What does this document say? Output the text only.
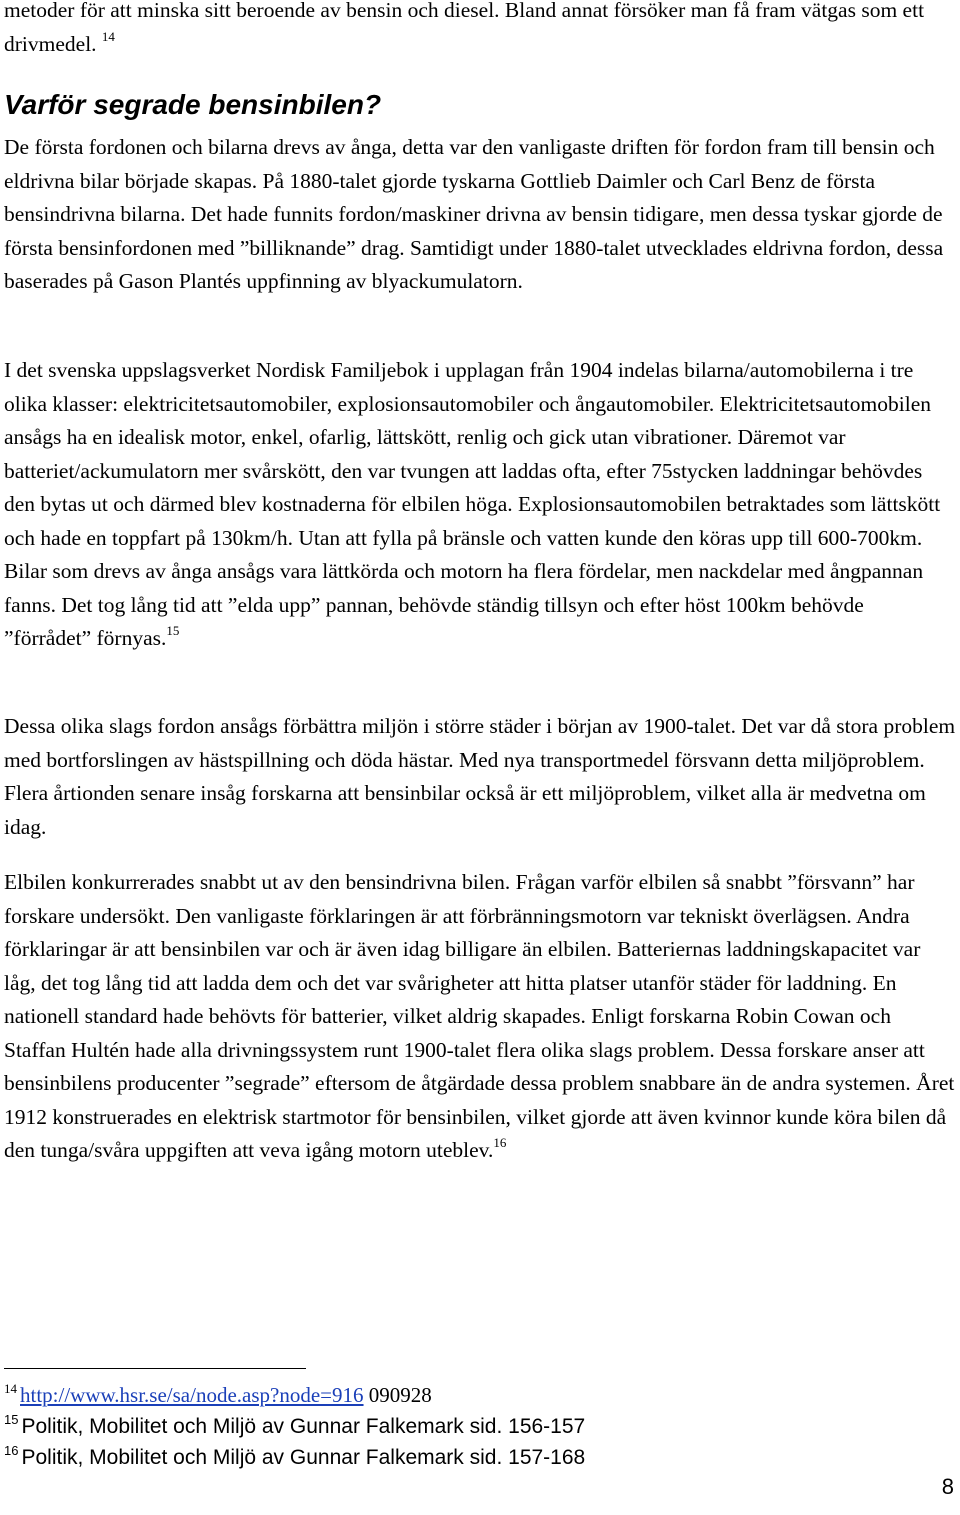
metoder för att minska sitt beroende av bensin och diesel. Bland annat försöker man få fram vätgas som ett drivmedel. $^{14}$

Varför segrade bensinbilen?

De första fordonen och bilarna drevs av ånga, detta var den vanligaste driften för fordon fram till bensin och eldrivna bilar började skapas. På 1880-talet gjorde tyskarna Gottlieb Daimler och Carl Benz de första bensindrivna bilarna. Det hade funnits fordon/maskiner drivna av bensin tidigare, men dessa tyskar gjorde de första bensinfordonen med ”billiknande” drag. Samtidigt under 1880-talet utvecklades eldrivna fordon, dessa baserades på Gason Plantés uppfinning av blyackumulatorn.

I det svenska uppslagsverket Nordisk Familjebok i upplagan från 1904 indelas bilarna/automobilerna i tre olika klasser: elektricitetsautomobiler, explosionsautomobiler och ångautomobiler. Elektricitetsautomobilen ansågs ha en idealisk motor, enkel, ofarlig, lättskött, renlig och gick utan vibrationer. Däremot var batteriet/ackumulatorn mer svårskött, den var tvungen att laddas ofta, efter 75stycken laddningar behövdes den bytas ut och därmed blev kostnaderna för elbilen höga. Explosionsautomobilen betraktades som lättskött och hade en toppfart på 130km/h. Utan att fylla på bränsle och vatten kunde den köras upp till 600-700km. Bilar som drevs av ånga ansågs vara lättkörda och motorn ha flera fördelar, men nackdelar med ångpannan fanns. Det tog lång tid att ”elda upp” pannan, behövde ständig tillsyn och efter höst 100km behövde ”förrådet” förnyas.$^{15}$

Dessa olika slags fordon ansågs förbättra miljön i större städer i början av 1900-talet. Det var då stora problem med bortforslingen av hästspillning och döda hästar. Med nya transportmedel försvann detta miljöproblem. Flera årtionden senare insåg forskarna att bensinbilar också är ett miljöproblem, vilket alla är medvetna om idag.

Elbilen konkurrerades snabbt ut av den bensindrivna bilen. Frågan varför elbilen så snabbt ”försvann” har forskare undersökt. Den vanligaste förklaringen är att förbränningsmotorn var tekniskt överlägsen. Andra förklaringar är att bensinbilen var och är även idag billigare än elbilen. Batteriernas laddningskapacitet var låg, det tog lång tid att ladda dem och det var svårigheter att hitta platser utanför städer för laddning. En nationell standard hade behövts för batterier, vilket aldrig skapades. Enligt forskarna Robin Cowan och Staffan Hultén hade alla drivningssystem runt 1900-talet flera olika slags problem. Dessa forskare anser att bensinbilens producenter ”segrade” eftersom de åtgärdade dessa problem snabbare än de andra systemen. Året 1912 konstruerades en elektrisk startmotor för bensinbilen, vilket gjorde att även kvinnor kunde köra bilen då den tunga/svåra uppgiften att veva igång motorn uteblev.$^{16}$

$^{14}$ http://www.hsr.se/sa/node.asp?node=916 090928
$^{15}$ Politik, Mobilitet och Miljö av Gunnar Falkemark sid. 156-157
$^{16}$ Politik, Mobilitet och Miljö av Gunnar Falkemark sid. 157-168
8
